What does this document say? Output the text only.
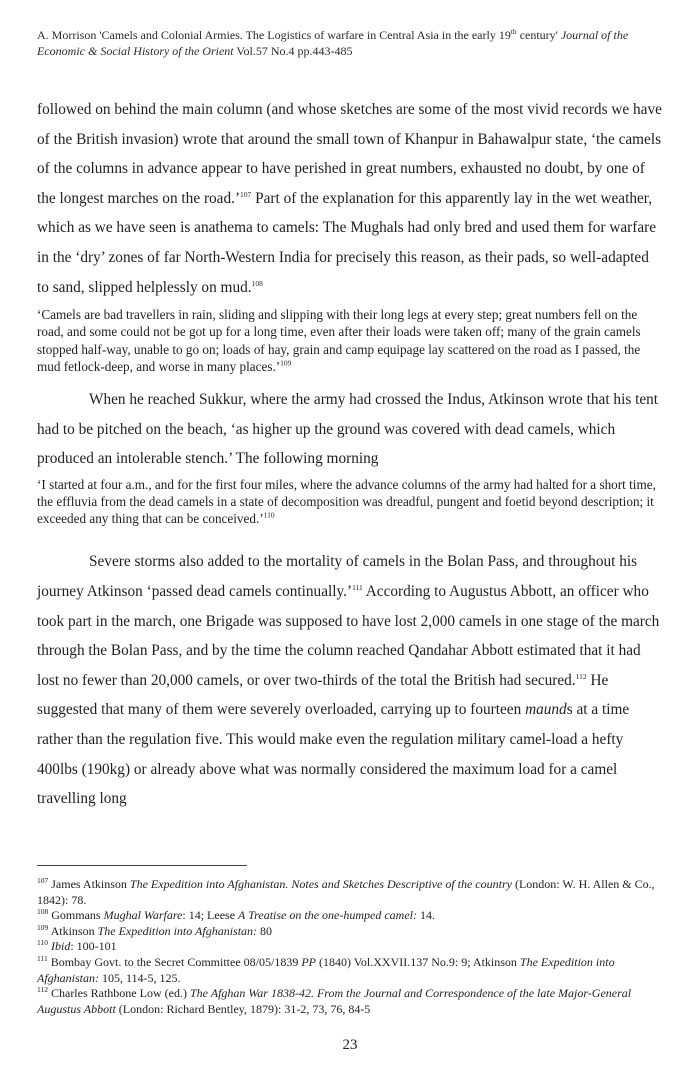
A. Morrison 'Camels and Colonial Armies. The Logistics of warfare in Central Asia in the early 19th century' Journal of the Economic & Social History of the Orient Vol.57 No.4 pp.443-485

followed on behind the main column (and whose sketches are some of the most vivid records we have of the British invasion) wrote that around the small town of Khanpur in Bahawalpur state, ‘the camels of the columns in advance appear to have perished in great numbers, exhausted no doubt, by one of the longest marches on the road.’$^{107}$ Part of the explanation for this apparently lay in the wet weather, which as we have seen is anathema to camels: The Mughals had only bred and used them for warfare in the ‘dry’ zones of far North-Western India for precisely this reason, as their pads, so well-adapted to sand, slipped helplessly on mud.$^{108}$

‘Camels are bad travellers in rain, sliding and slipping with their long legs at every step; great numbers fell on the road, and some could not be got up for a long time, even after their loads were taken off; many of the grain camels stopped half-way, unable to go on; loads of hay, grain and camp equipage lay scattered on the road as I passed, the mud fetlock-deep, and worse in many places.’$^{109}$

When he reached Sukkur, where the army had crossed the Indus, Atkinson wrote that his tent had to be pitched on the beach, ‘as higher up the ground was covered with dead camels, which produced an intolerable stench.’ The following morning

‘I started at four a.m., and for the first four miles, where the advance columns of the army had halted for a short time, the effluvia from the dead camels in a state of decomposition was dreadful, pungent and foetid beyond description; it exceeded any thing that can be conceived.’$^{110}$

Severe storms also added to the mortality of camels in the Bolan Pass, and throughout his journey Atkinson ‘passed dead camels continually.’$^{111}$ According to Augustus Abbott, an officer who took part in the march, one Brigade was supposed to have lost 2,000 camels in one stage of the march through the Bolan Pass, and by the time the column reached Qandahar Abbott estimated that it had lost no fewer than 20,000 camels, or over two-thirds of the total the British had secured.$^{112}$ He suggested that many of them were severely overloaded, carrying up to fourteen maunds at a time rather than the regulation five. This would make even the regulation military camel-load a hefty 400lbs (190kg) or already above what was normally considered the maximum load for a camel travelling long

$^{107}$ James Atkinson The Expedition into Afghanistan. Notes and Sketches Descriptive of the country (London: W. H. Allen & Co., 1842): 78.

$^{108}$ Gommans Mughal Warfare: 14; Leese A Treatise on the one-humped camel: 14.

$^{109}$ Atkinson The Expedition into Afghanistan: 80

$^{110}$ Ibid: 100-101

$^{111}$ Bombay Govt. to the Secret Committee 08/05/1839 PP (1840) Vol.XXVII.137 No.9: 9; Atkinson The Expedition into Afghanistan: 105, 114-5, 125.

$^{112}$ Charles Rathbone Low (ed.) The Afghan War 1838-42. From the Journal and Correspondence of the late Major-General Augustus Abbott (London: Richard Bentley, 1879): 31-2, 73, 76, 84-5

23
